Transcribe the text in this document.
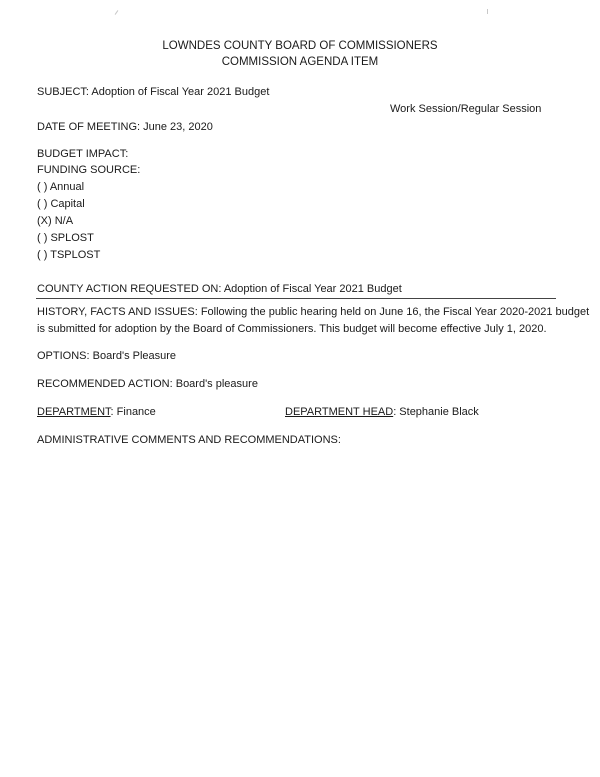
LOWNDES COUNTY BOARD OF COMMISSIONERS
COMMISSION AGENDA ITEM
SUBJECT: Adoption of Fiscal Year 2021 Budget
Work Session/Regular Session
DATE OF MEETING: June 23, 2020
BUDGET IMPACT:
FUNDING SOURCE:
( ) Annual
( ) Capital
(X) N/A
( ) SPLOST
( ) TSPLOST
COUNTY ACTION REQUESTED ON: Adoption of Fiscal Year 2021 Budget
HISTORY, FACTS AND ISSUES: Following the public hearing held on June 16, the Fiscal Year 2020-2021 budget
is submitted for adoption by the Board of Commissioners. This budget will become effective July 1, 2020.
OPTIONS: Board's Pleasure
RECOMMENDED ACTION: Board's pleasure
DEPARTMENT: Finance	DEPARTMENT HEAD: Stephanie Black
ADMINISTRATIVE COMMENTS AND RECOMMENDATIONS:
